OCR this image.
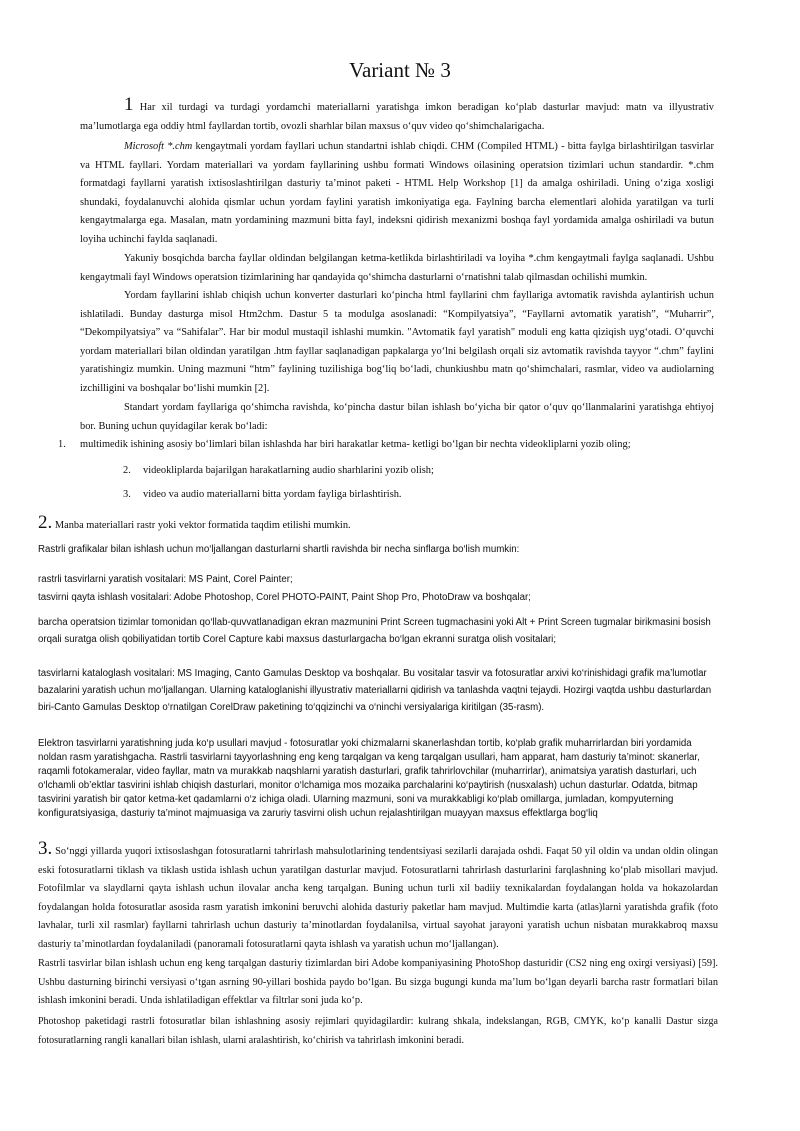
Variant № 3
1 Har xil turdagi va turdagi yordamchi materiallarni yaratishga imkon beradigan ko‘plab dasturlar mavjud: matn va illyustrativ ma’lumotlarga ega oddiy html fayllardan tortib, ovozli sharhlar bilan maxsus o‘quv video qo‘shimchalarigacha.
Microsoft *.chm kengaytmali yordam fayllari uchun standartni ishlab chiqdi. CHM (Compiled HTML) - bitta faylga birlashtirilgan tasvirlar va HTML fayllari. Yordam materiallari va yordam fayllarining ushbu formati Windows oilasining operatsion tizimlari uchun standardir. *.chm formatdagi fayllarni yaratish ixtisoslashtirilgan dasturiy ta’minot paketi - HTML Help Workshop [1] da amalga oshiriladi. Uning o‘ziga xosligi shundaki, foydalanuvchi alohida qismlar uchun yordam faylini yaratish imkoniyatiga ega. Faylning barcha elementlari alohida yaratilgan va turli kengaytmalarga ega. Masalan, matn yordamining mazmuni bitta fayl, indeksni qidirish mexanizmi boshqa fayl yordamida amalga oshiriladi va butun loyiha uchinchi faylda saqlanadi.
Yakuniy bosqichda barcha fayllar oldindan belgilangan ketma-ketlikda birlashtiriladi va loyiha *.chm kengaytmali faylga saqlanadi. Ushbu kengaytmali fayl Windows operatsion tizimlarining har qandayida qo‘shimcha dasturlarni o‘rnatishni talab qilmasdan ochilishi mumkin.
Yordam fayllarini ishlab chiqish uchun konverter dasturlari ko‘pincha html fayllarini chm fayllariga avtomatik ravishda aylantirish uchun ishlatiladi. Bunday dasturga misol Htm2chm. Dastur 5 ta modulga asoslanadi: “Kompilyatsiya”, “Fayllarni avtomatik yaratish”, “Muharrir”, “Dekompilyatsiya” va “Sahifalar”. Har bir modul mustaqil ishlashi mumkin. "Avtomatik fayl yaratish" moduli eng katta qiziqish uyg‘otadi. O‘quvchi yordam materiallari bilan oldindan yaratilgan .htm fayllar saqlanadigan papkalarga yo‘lni belgilash orqali siz avtomatik ravishda tayyor “.chm” faylini yaratishingiz mumkin. Uning mazmuni “htm” faylining tuzilishiga bog‘liq bo‘ladi, chunkiushbu matn qo‘shimchalari, rasmlar, video va audiolarning izchilligini va boshqalar bo‘lishi mumkin [2].
Standart yordam fayllariga qo‘shimcha ravishda, ko‘pincha dastur bilan ishlash bo‘yicha bir qator o‘quv qo‘llanmalarini yaratishga ehtiyoj bor. Buning uchun quyidagilar kerak bo‘ladi:
1. multimedik ishining asosiy bo‘limlari bilan ishlashda har biri harakatlar ketma- ketligi bo‘lgan bir nechta videokliplarni yozib oling;
2. videokliplarda bajarilgan harakatlarning audio sharhlarini yozib olish;
3. video va audio materiallarni bitta yordam fayliga birlashtirish.
2. Manba materiallari rastr yoki vektor formatida taqdim etilishi mumkin.
Rastrli grafikalar bilan ishlash uchun mo‘ljallangan dasturlarni shartli ravishda bir necha sinflarga bo‘lish mumkin:
rastrli tasvirlarni yaratish vositalari: MS Paint, Corel Painter;
tasvirni qayta ishlash vositalari: Adobe Photoshop, Corel PHOTO-PAINT, Paint Shop Pro, PhotoDraw va boshqalar;
barcha operatsion tizimlar tomonidan qo‘llab-quvvatlanadigan ekran mazmunini Print Screen tugmachasini yoki Alt + Print Screen tugmalar birikmasini bosish orqali suratga olish qobiliyatidan tortib Corel Capture kabi maxsus dasturlargacha bo‘lgan ekranni suratga olish vositalari;
tasvirlarni kataloglash vositalari: MS Imaging, Canto Gamulas Desktop va boshqalar. Bu vositalar tasvir va fotosuratlar arxivi ko‘rinishidagi grafik ma’lumotlar bazalarini yaratish uchun mo‘ljallangan. Ularning kataloglanishi illyustrativ materiallarni qidirish va tanlashda vaqtni tejaydi. Hozirgi vaqtda ushbu dasturlardan biri-Canto Gamulas Desktop o‘rnatilgan CorelDraw paketining to‘qqizinchi va o‘ninchi versiyalariga kiritilgan (35-rasm).
Elektron tasvirlarni yaratishning juda ko‘p usullari mavjud - fotosuratlar yoki chizmalarni skanerlashdan tortib, ko‘plab grafik muharrirlardan biri yordamida noldan rasm yaratishgacha. Rastrli tasvirlarni tayyorlashning eng keng tarqalgan va keng tarqalgan usullari, ham apparat, ham dasturiy ta’minot: skanerlar, raqamli fotokameralar, video fayllar, matn va murakkab naqshlarni yaratish dasturlari, grafik tahrirlovchilar (muharrirlar), animatsiya yaratish dasturlari, uch o‘lchamli ob’ektlar tasvirini ishlab chiqish dasturlari, monitor o‘lchamiga mos mozaika parchalarini ko‘paytirish (nusxalash) uchun dasturlar. Odatda, bitmap tasvirini yaratish bir qator ketma-ket qadamlarni o‘z ichiga oladi. Ularning mazmuni, soni va murakkabligi ko‘plab omillarga, jumladan, kompyuterning konfiguratsiyasiga, dasturiy ta’minot majmuasiga va zaruriy tasvirni olish uchun rejalashtirilgan muayyan maxsus effektlarga bog‘liq
3. So‘nggi yillarda yuqori ixtisoslashgan fotosuratlarni tahrirlash mahsulotlarining tendentsiyasi sezilarli darajada oshdi. Faqat 50 yil oldin va undan oldin olingan eski fotosuratlarni tiklash va tiklash ustida ishlash uchun yaratilgan dasturlar mavjud. Fotosuratlarni tahrirlash dasturlarini farqlashning ko‘plab misollari mavjud. Fotofilmlar va slaydlarni qayta ishlash uchun ilovalar ancha keng tarqalgan. Buning uchun turli xil badiiy texnikalardan foydalangan holda va hokazolardan foydalangan holda fotosuratlar asosida rasm yaratish imkonini beruvchi alohida dasturiy paketlar ham mavjud. Multimdie karta (atlas)larni yaratishda grafik (foto lavhalar, turli xil rasmlar) fayllarni tahrirlash uchun dasturiy ta’minotlardan foydalanilsa, virtual sayohat jarayoni yaratish uchun nisbatan murakkabroq maxsu dasturiy ta’minotlardan foydalaniladi (panoramali fotosuratlarni qayta ishlash va yaratish uchun mo‘ljallangan).
Rastrli tasvirlar bilan ishlash uchun eng keng tarqalgan dasturiy tizimlardan biri Adobe kompaniyasining PhotoShop dasturidir (CS2 ning eng oxirgi versiyasi) [59]. Ushbu dasturning birinchi versiyasi o‘tgan asrning 90-yillari boshida paydo bo‘lgan. Bu sizga bugungi kunda ma’lum bo‘lgan deyarli barcha rastr formatlari bilan ishlash imkonini beradi. Unda ishlatiladigan effektlar va filtrlar soni juda ko‘p.
Photoshop paketidagi rastrli fotosuratlar bilan ishlashning asosiy rejimlari quyidagilardir: kulrang shkala, indekslangan, RGB, CMYK, ko‘p kanalli Dastur sizga fotosuratlarning rangli kanallari bilan ishlash, ularni aralashtirish, ko‘chirish va tahrirlash imkonini beradi.
